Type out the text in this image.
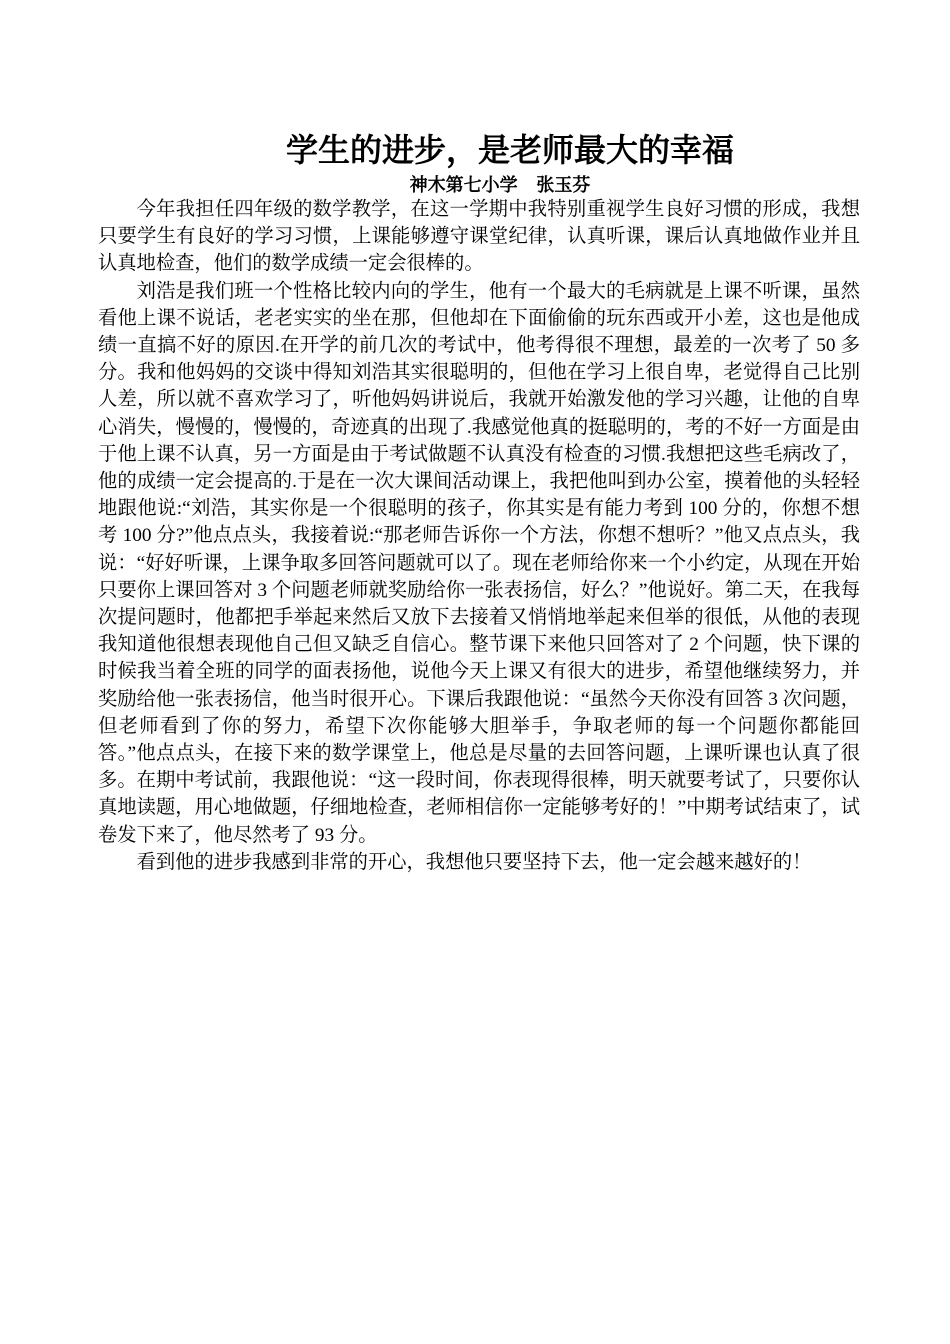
学生的进步，是老师最大的幸福
神木第七小学   张玉芬

今年我担任四年级的数学教学，在这一学期中我特别重视学生良好习惯的形成，我想只要学生有良好的学习习惯，上课能够遵守课堂纪律，认真听课，课后认真地做作业并且认真地检查，他们的数学成绩一定会很棒的。

刘浩是我们班一个性格比较内向的学生，他有一个最大的毛病就是上课不听课，虽然看他上课不说话，老老实实的坐在那，但他却在下面偷偷的玩东西或开小差，这也是他成绩一直搞不好的原因.在开学的前几次的考试中，他考得很不理想，最差的一次考了 50 多分。我和他妈妈的交谈中得知刘浩其实很聪明的，但他在学习上很自卑，老觉得自己比别人差，所以就不喜欢学习了，听他妈妈讲说后，我就开始激发他的学习兴趣，让他的自卑心消失，慢慢的，慢慢的，奇迹真的出现了.我感觉他真的挺聪明的，考的不好一方面是由于他上课不认真，另一方面是由于考试做题不认真没有检查的习惯.我想把这些毛病改了，他的成绩一定会提高的.于是在一次大课间活动课上，我把他叫到办公室，摸着他的头轻轻地跟他说:“刘浩，其实你是一个很聪明的孩子，你其实是有能力考到 100 分的，你想不想考 100 分?”他点点头，我接着说:“那老师告诉你一个方法，你想不想听？”他又点点头，我说：“好好听课，上课争取多回答问题就可以了。现在老师给你来一个小约定，从现在开始只要你上课回答对 3 个问题老师就奖励给你一张表扬信，好么？”他说好。第二天，在我每次提问题时，他都把手举起来然后又放下去接着又悄悄地举起来但举的很低，从他的表现我知道他很想表现他自己但又缺乏自信心。整节课下来他只回答对了 2 个问题，快下课的时候我当着全班的同学的面表扬他，说他今天上课又有很大的进步，希望他继续努力，并奖励给他一张表扬信，他当时很开心。下课后我跟他说：“虽然今天你没有回答 3 次问题，但老师看到了你的努力，希望下次你能够大胆举手，争取老师的每一个问题你都能回答。”他点点头，在接下来的数学课堂上，他总是尽量的去回答问题，上课听课也认真了很多。在期中考试前，我跟他说：“这一段时间，你表现得很棒，明天就要考试了，只要你认真地读题，用心地做题，仔细地检查，老师相信你一定能够考好的！”中期考试结束了，试卷发下来了，他尽然考了 93 分。

看到他的进步我感到非常的开心，我想他只要坚持下去，他一定会越来越好的！
